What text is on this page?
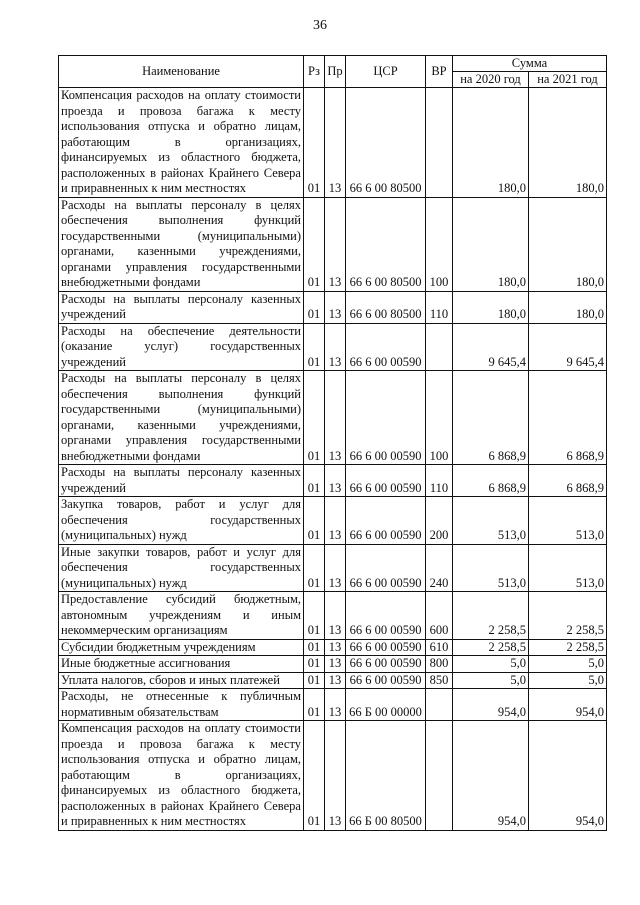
36
Наименование	Рз	Пр	ЦСР	ВР	Сумма	
					на 2020 год	на 2021 год
Компенсация расходов на оплату стоимости проезда и провоза багажа к месту использования отпуска и обратно лицам, работающим в организациях, финансируемых из областного бюджета, расположенных в районах Крайнего Севера и приравненных к ним местностях	01	13	66 6 00 80500		180,0	180,0
Расходы на выплаты персоналу в целях обеспечения выполнения функций государственными (муниципальными) органами, казенными учреждениями, органами управления государственными внебюджетными фондами	01	13	66 6 00 80500	100	180,0	180,0
Расходы на выплаты персоналу казенных учреждений	01	13	66 6 00 80500	110	180,0	180,0
Расходы на обеспечение деятельности (оказание услуг) государственных учреждений	01	13	66 6 00 00590		9 645,4	9 645,4
Расходы на выплаты персоналу в целях обеспечения выполнения функций государственными (муниципальными) органами, казенными учреждениями, органами управления государственными внебюджетными фондами	01	13	66 6 00 00590	100	6 868,9	6 868,9
Расходы на выплаты персоналу казенных учреждений	01	13	66 6 00 00590	110	6 868,9	6 868,9
Закупка товаров, работ и услуг для обеспечения государственных (муниципальных) нужд	01	13	66 6 00 00590	200	513,0	513,0
Иные закупки товаров, работ и услуг для обеспечения государственных (муниципальных) нужд	01	13	66 6 00 00590	240	513,0	513,0
Предоставление субсидий бюджетным, автономным учреждениям и иным некоммерческим организациям	01	13	66 6 00 00590	600	2 258,5	2 258,5
Субсидии бюджетным учреждениям	01	13	66 6 00 00590	610	2 258,5	2 258,5
Иные бюджетные ассигнования	01	13	66 6 00 00590	800	5,0	5,0
Уплата налогов, сборов и иных платежей	01	13	66 6 00 00590	850	5,0	5,0
Расходы, не отнесенные к публичным нормативным обязательствам	01	13	66 Б 00 00000		954,0	954,0
Компенсация расходов на оплату стоимости проезда и провоза багажа к месту использования отпуска и обратно лицам, работающим в организациях, финансируемых из областного бюджета, расположенных в районах Крайнего Севера и приравненных к ним местностях	01	13	66 Б 00 80500		954,0	954,0
